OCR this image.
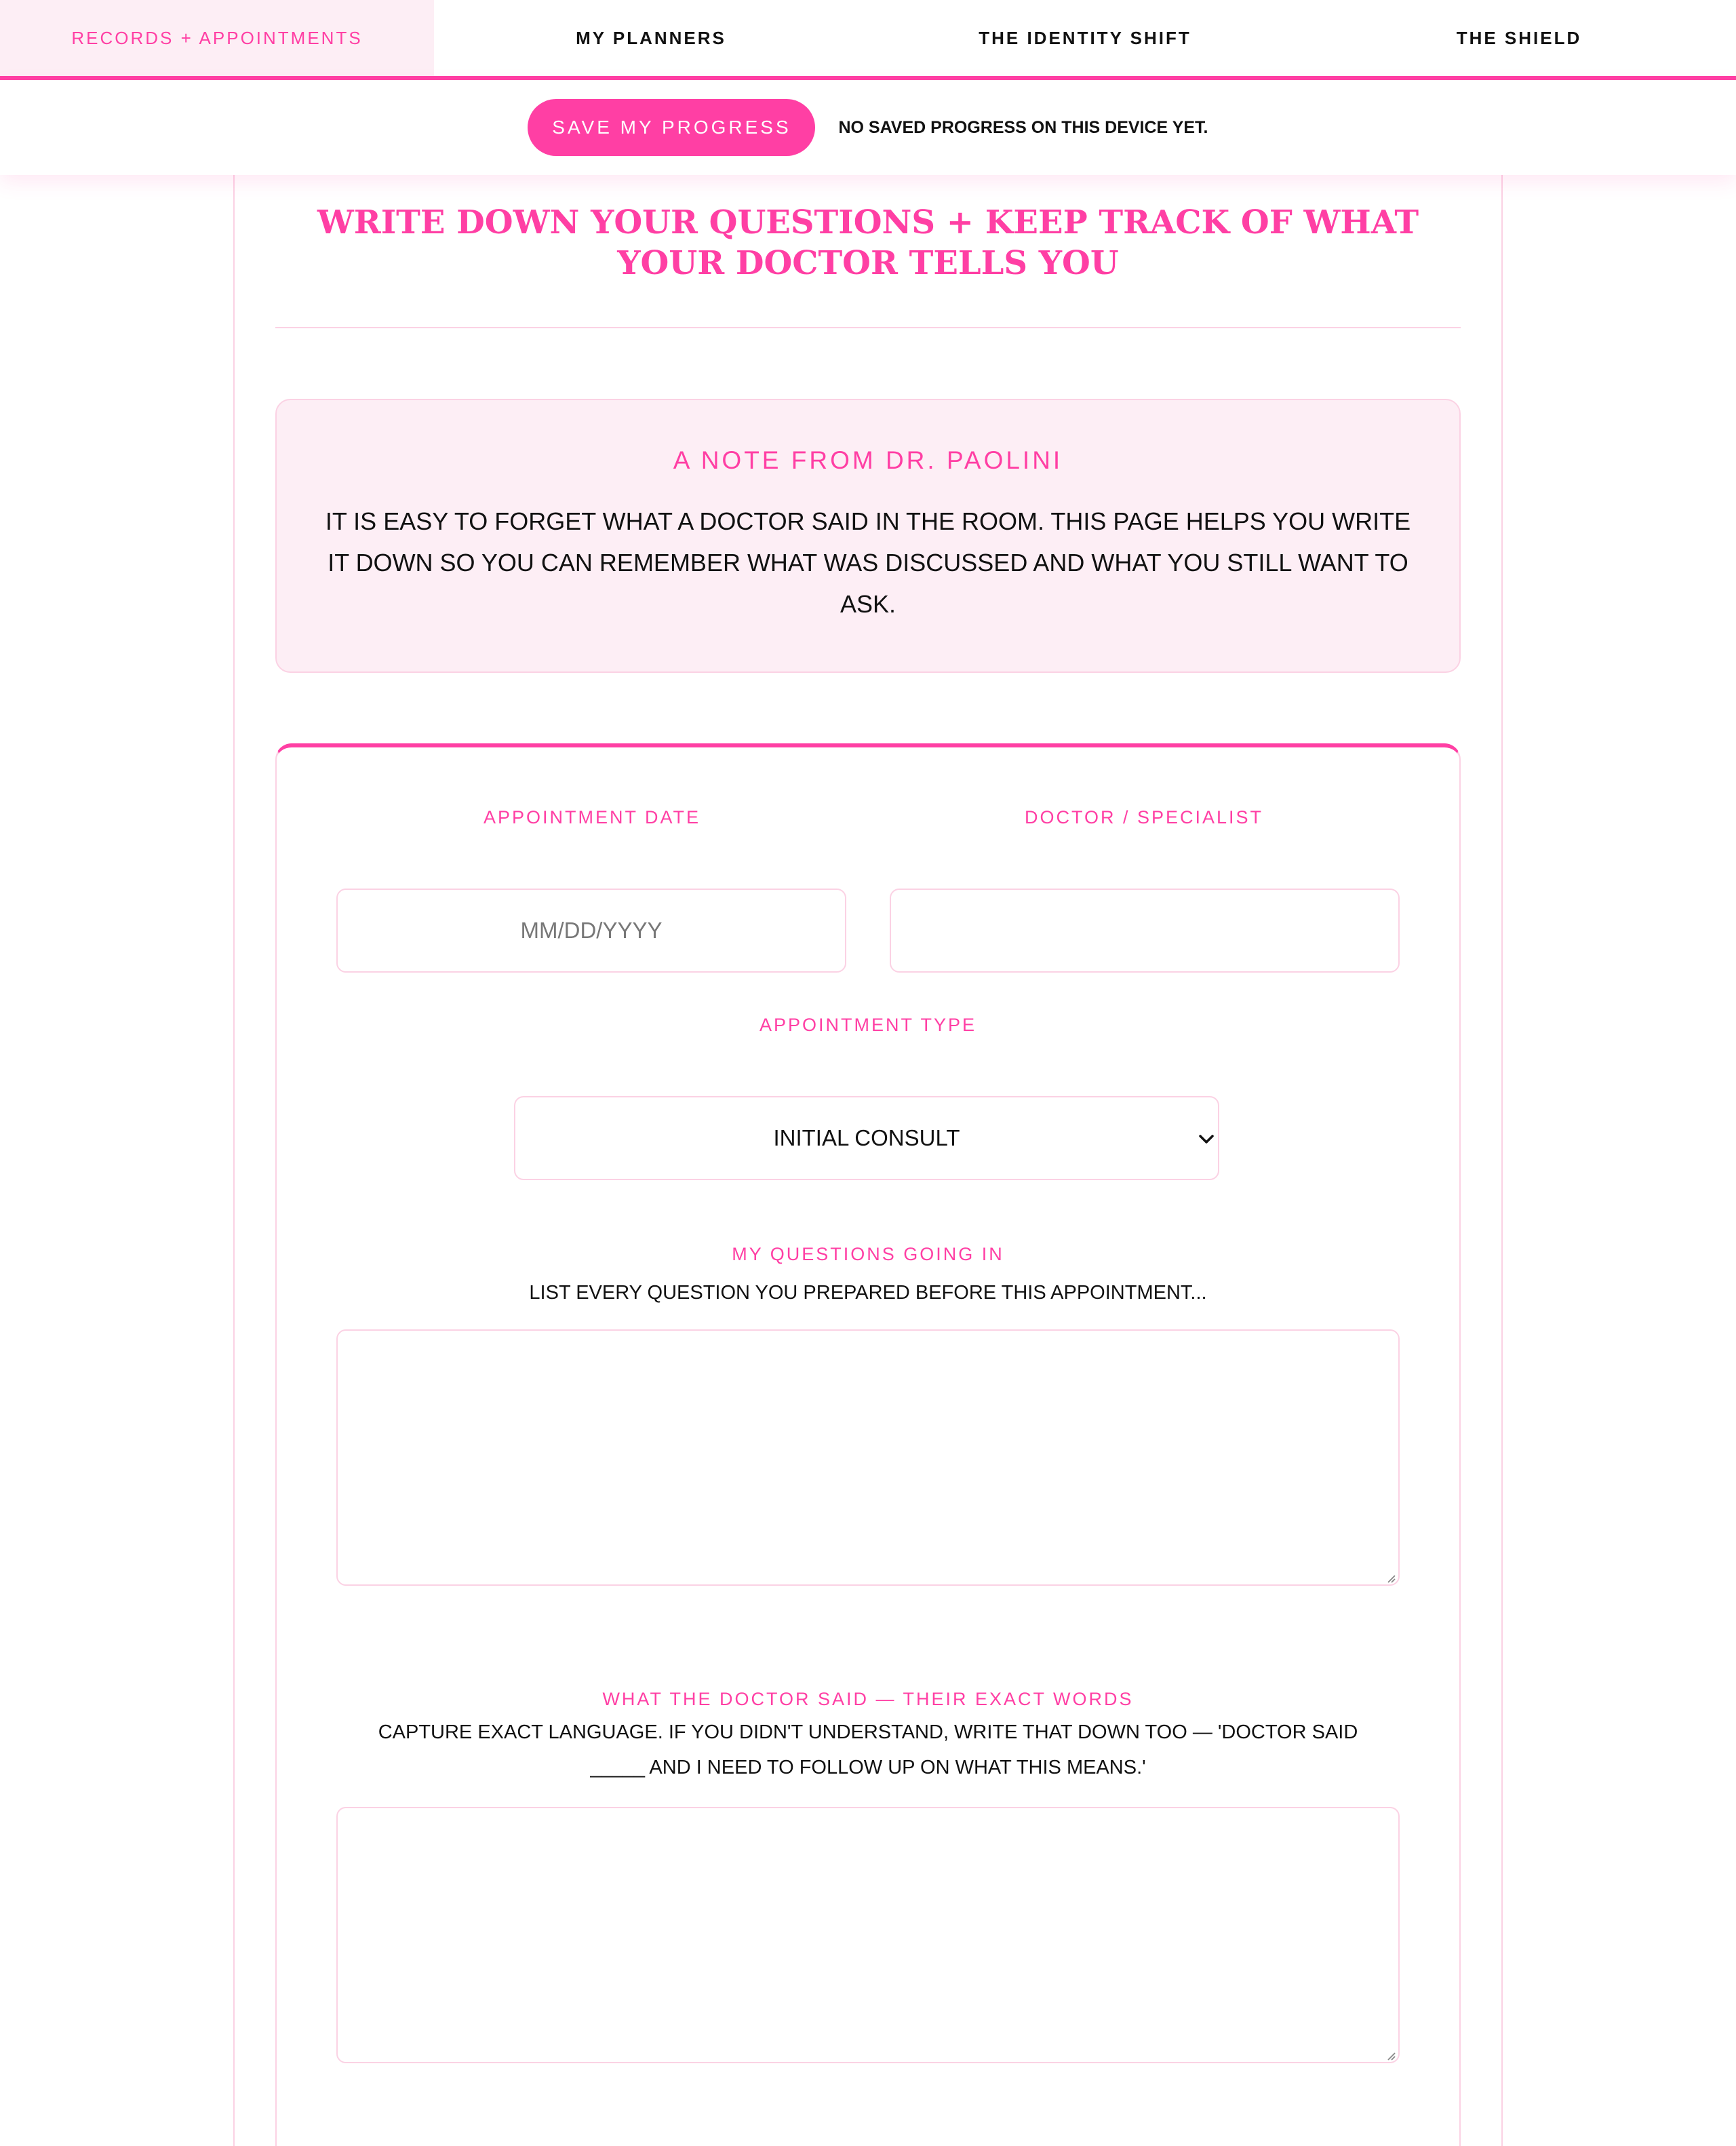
RECORDS + APPOINTMENTS	MY PLANNERS	THE IDENTITY SHIFT	THE SHIELD
SAVE MY PROGRESS	NO SAVED PROGRESS ON THIS DEVICE YET.
WRITE DOWN YOUR QUESTIONS + KEEP TRACK OF WHAT YOUR DOCTOR TELLS YOU
A NOTE FROM DR. PAOLINI

IT IS EASY TO FORGET WHAT A DOCTOR SAID IN THE ROOM. THIS PAGE HELPS YOU WRITE IT DOWN SO YOU CAN REMEMBER WHAT WAS DISCUSSED AND WHAT YOU STILL WANT TO ASK.

APPOINTMENT DATE
MM/DD/YYYY
DOCTOR / SPECIALIST
APPOINTMENT TYPE
INITIAL CONSULT
MY QUESTIONS GOING IN
LIST EVERY QUESTION YOU PREPARED BEFORE THIS APPOINTMENT...
WHAT THE DOCTOR SAID — THEIR EXACT WORDS
CAPTURE EXACT LANGUAGE. IF YOU DIDN'T UNDERSTAND, WRITE THAT DOWN TOO — 'DOCTOR SAID _____ AND I NEED TO FOLLOW UP ON WHAT THIS MEANS.'
